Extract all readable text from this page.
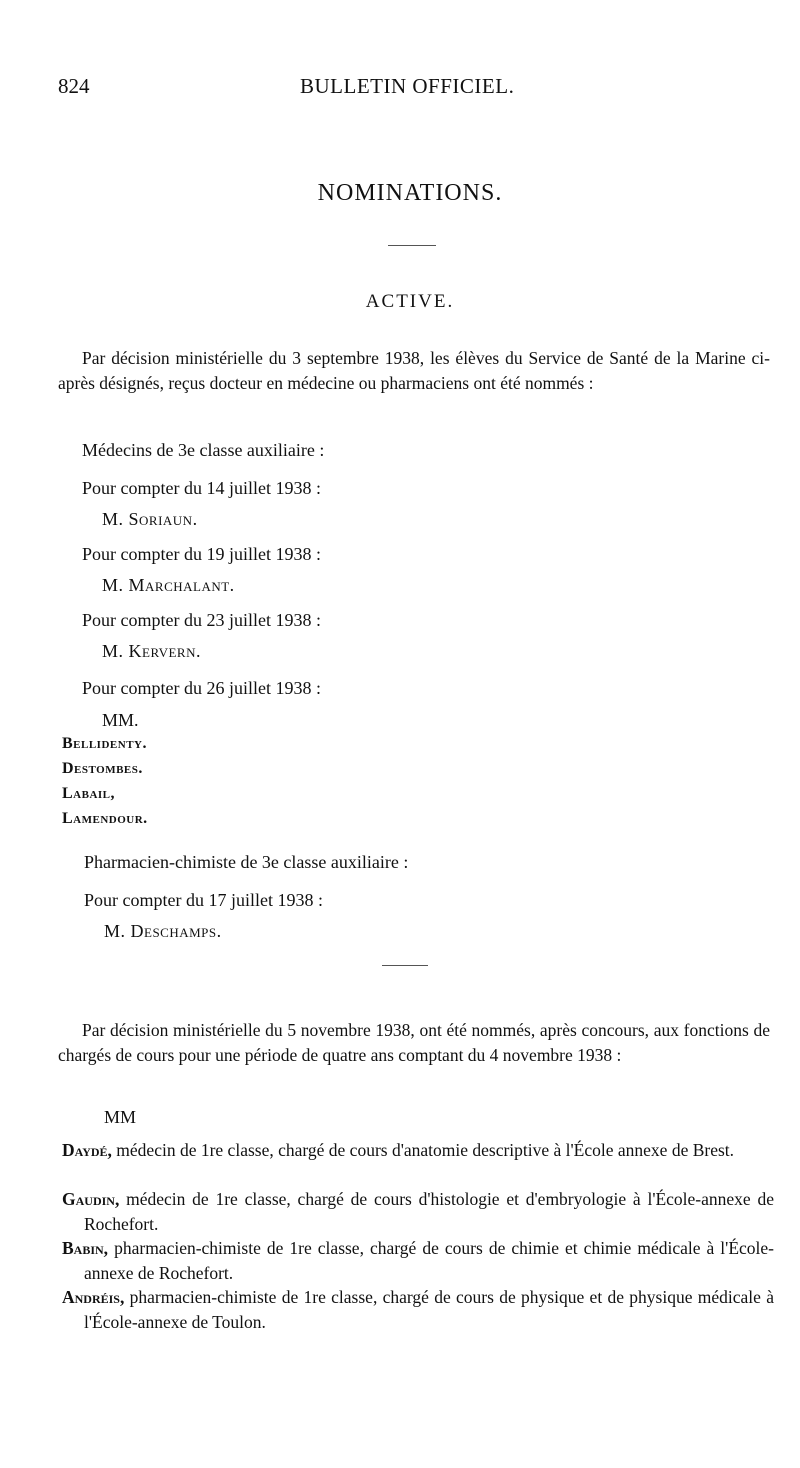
824	BULLETIN OFFICIEL.
NOMINATIONS.
ACTIVE.

Par décision ministérielle du 3 septembre 1938, les élèves du Service de Santé de la Marine ci-après désignés, reçus docteur en médecine ou pharmaciens ont été nommés :

Médecins de 3e classe auxiliaire :
Pour compter du 14 juillet 1938 :
M. Soriaun.
Pour compter du 19 juillet 1938 :
M. Marchalant.
Pour compter du 23 juillet 1938 :
M. Kervern.
Pour compter du 26 juillet 1938 :
MM.
Bellidenty.
Destombes.
Labail,
Lamendour.
Pharmacien-chimiste de 3e classe auxiliaire :
Pour compter du 17 juillet 1938 :
M. Deschamps.

Par décision ministérielle du 5 novembre 1938, ont été nommés, après concours, aux fonctions de chargés de cours pour une période de quatre ans comptant du 4 novembre 1938 :

MM
Daydé, médecin de 1re classe, chargé de cours d'anatomie descriptive à l'École annexe de Brest.
Gaudin, médecin de 1re classe, chargé de cours d'histologie et d'embryologie à l'École-annexe de Rochefort.
Babin, pharmacien-chimiste de 1re classe, chargé de cours de chimie et chimie médicale à l'École-annexe de Rochefort.
Andréis, pharmacien-chimiste de 1re classe, chargé de cours de physique et de physique médicale à l'École-annexe de Toulon.
